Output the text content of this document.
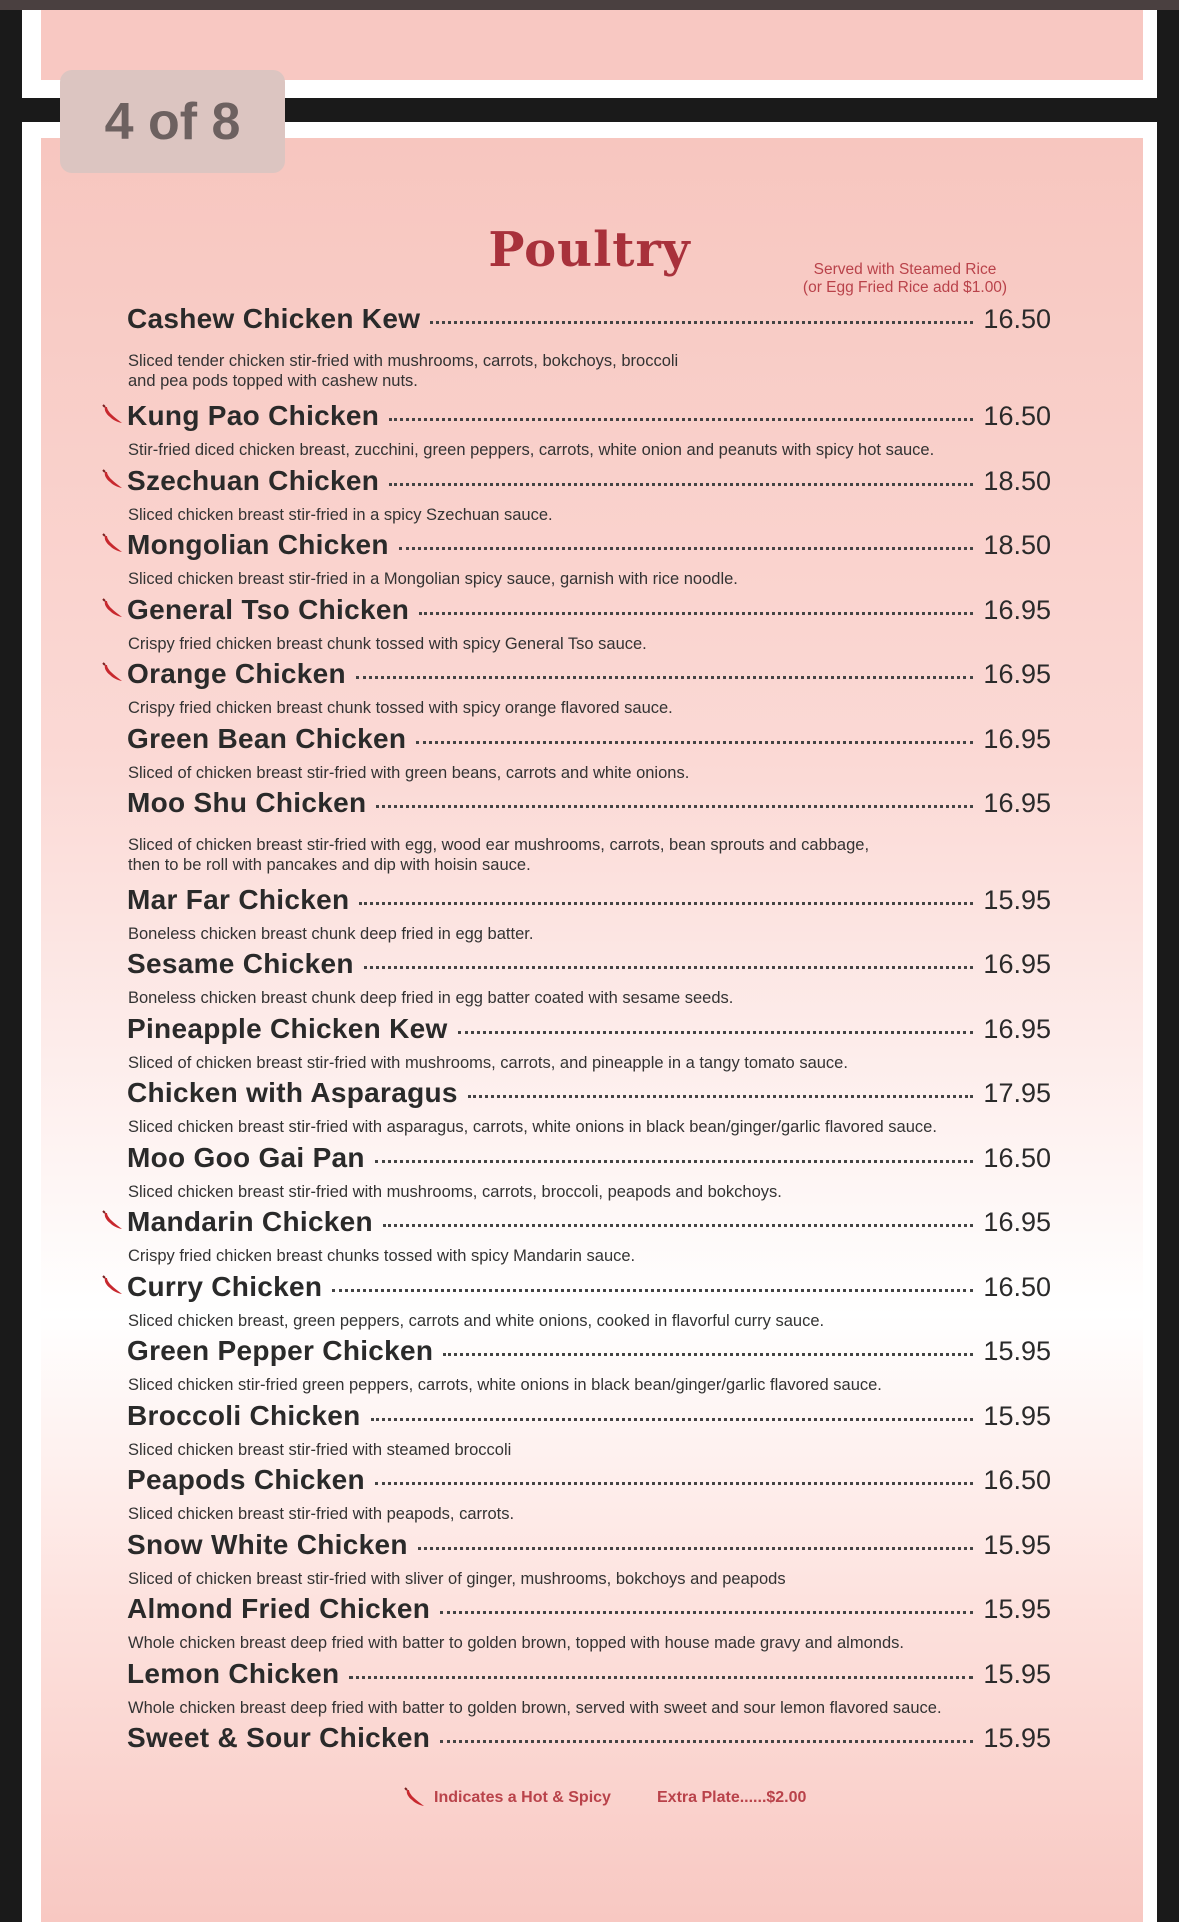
4 of 8
Poultry	Served with Steamed Rice
(or Egg Fried Rice add $1.00)
Cashew Chicken Kew	16.50
Sliced tender chicken stir-fried with mushrooms, carrots, bokchoys, broccoli
and pea pods topped with cashew nuts.
Kung Pao Chicken	16.50
Stir-fried diced chicken breast, zucchini, green peppers, carrots, white onion and peanuts with spicy hot sauce.
Szechuan Chicken	18.50
Sliced chicken breast stir-fried in a spicy Szechuan sauce.
Mongolian Chicken	18.50
Sliced chicken breast stir-fried in a Mongolian spicy sauce, garnish with rice noodle.
General Tso Chicken	16.95
Crispy fried chicken breast chunk tossed with spicy General Tso sauce.
Orange Chicken	16.95
Crispy fried chicken breast chunk tossed with spicy orange flavored sauce.
Green Bean Chicken	16.95
Sliced of chicken breast stir-fried with green beans, carrots and white onions.
Moo Shu Chicken	16.95
Sliced of chicken breast stir-fried with egg, wood ear mushrooms, carrots, bean sprouts and cabbage,
then to be roll with pancakes and dip with hoisin sauce.
Mar Far Chicken	15.95
Boneless chicken breast chunk deep fried in egg batter.
Sesame Chicken	16.95
Boneless chicken breast chunk deep fried in egg batter coated with sesame seeds.
Pineapple Chicken Kew	16.95
Sliced of chicken breast stir-fried with mushrooms, carrots, and pineapple in a tangy tomato sauce.
Chicken with Asparagus	17.95
Sliced chicken breast stir-fried with asparagus, carrots, white onions in black bean/ginger/garlic flavored sauce.
Moo Goo Gai Pan	16.50
Sliced chicken breast stir-fried with mushrooms, carrots, broccoli, peapods and bokchoys.
Mandarin Chicken	16.95
Crispy fried chicken breast chunks tossed with spicy Mandarin sauce.
Curry Chicken	16.50
Sliced chicken breast, green peppers, carrots and white onions, cooked in flavorful curry sauce.
Green Pepper Chicken	15.95
Sliced chicken stir-fried green peppers, carrots, white onions in black bean/ginger/garlic flavored sauce.
Broccoli Chicken	15.95
Sliced chicken breast stir-fried with steamed broccoli
Peapods Chicken	16.50
Sliced chicken breast stir-fried with peapods, carrots.
Snow White Chicken	15.95
Sliced of chicken breast stir-fried with sliver of ginger, mushrooms, bokchoys and peapods
Almond Fried Chicken	15.95
Whole chicken breast deep fried with batter to golden brown, topped with house made gravy and almonds.
Lemon Chicken	15.95
Whole chicken breast deep fried with batter to golden brown, served with sweet and sour lemon flavored sauce.
Sweet & Sour Chicken	15.95
Indicates a Hot & Spicy	Extra Plate......$2.00
